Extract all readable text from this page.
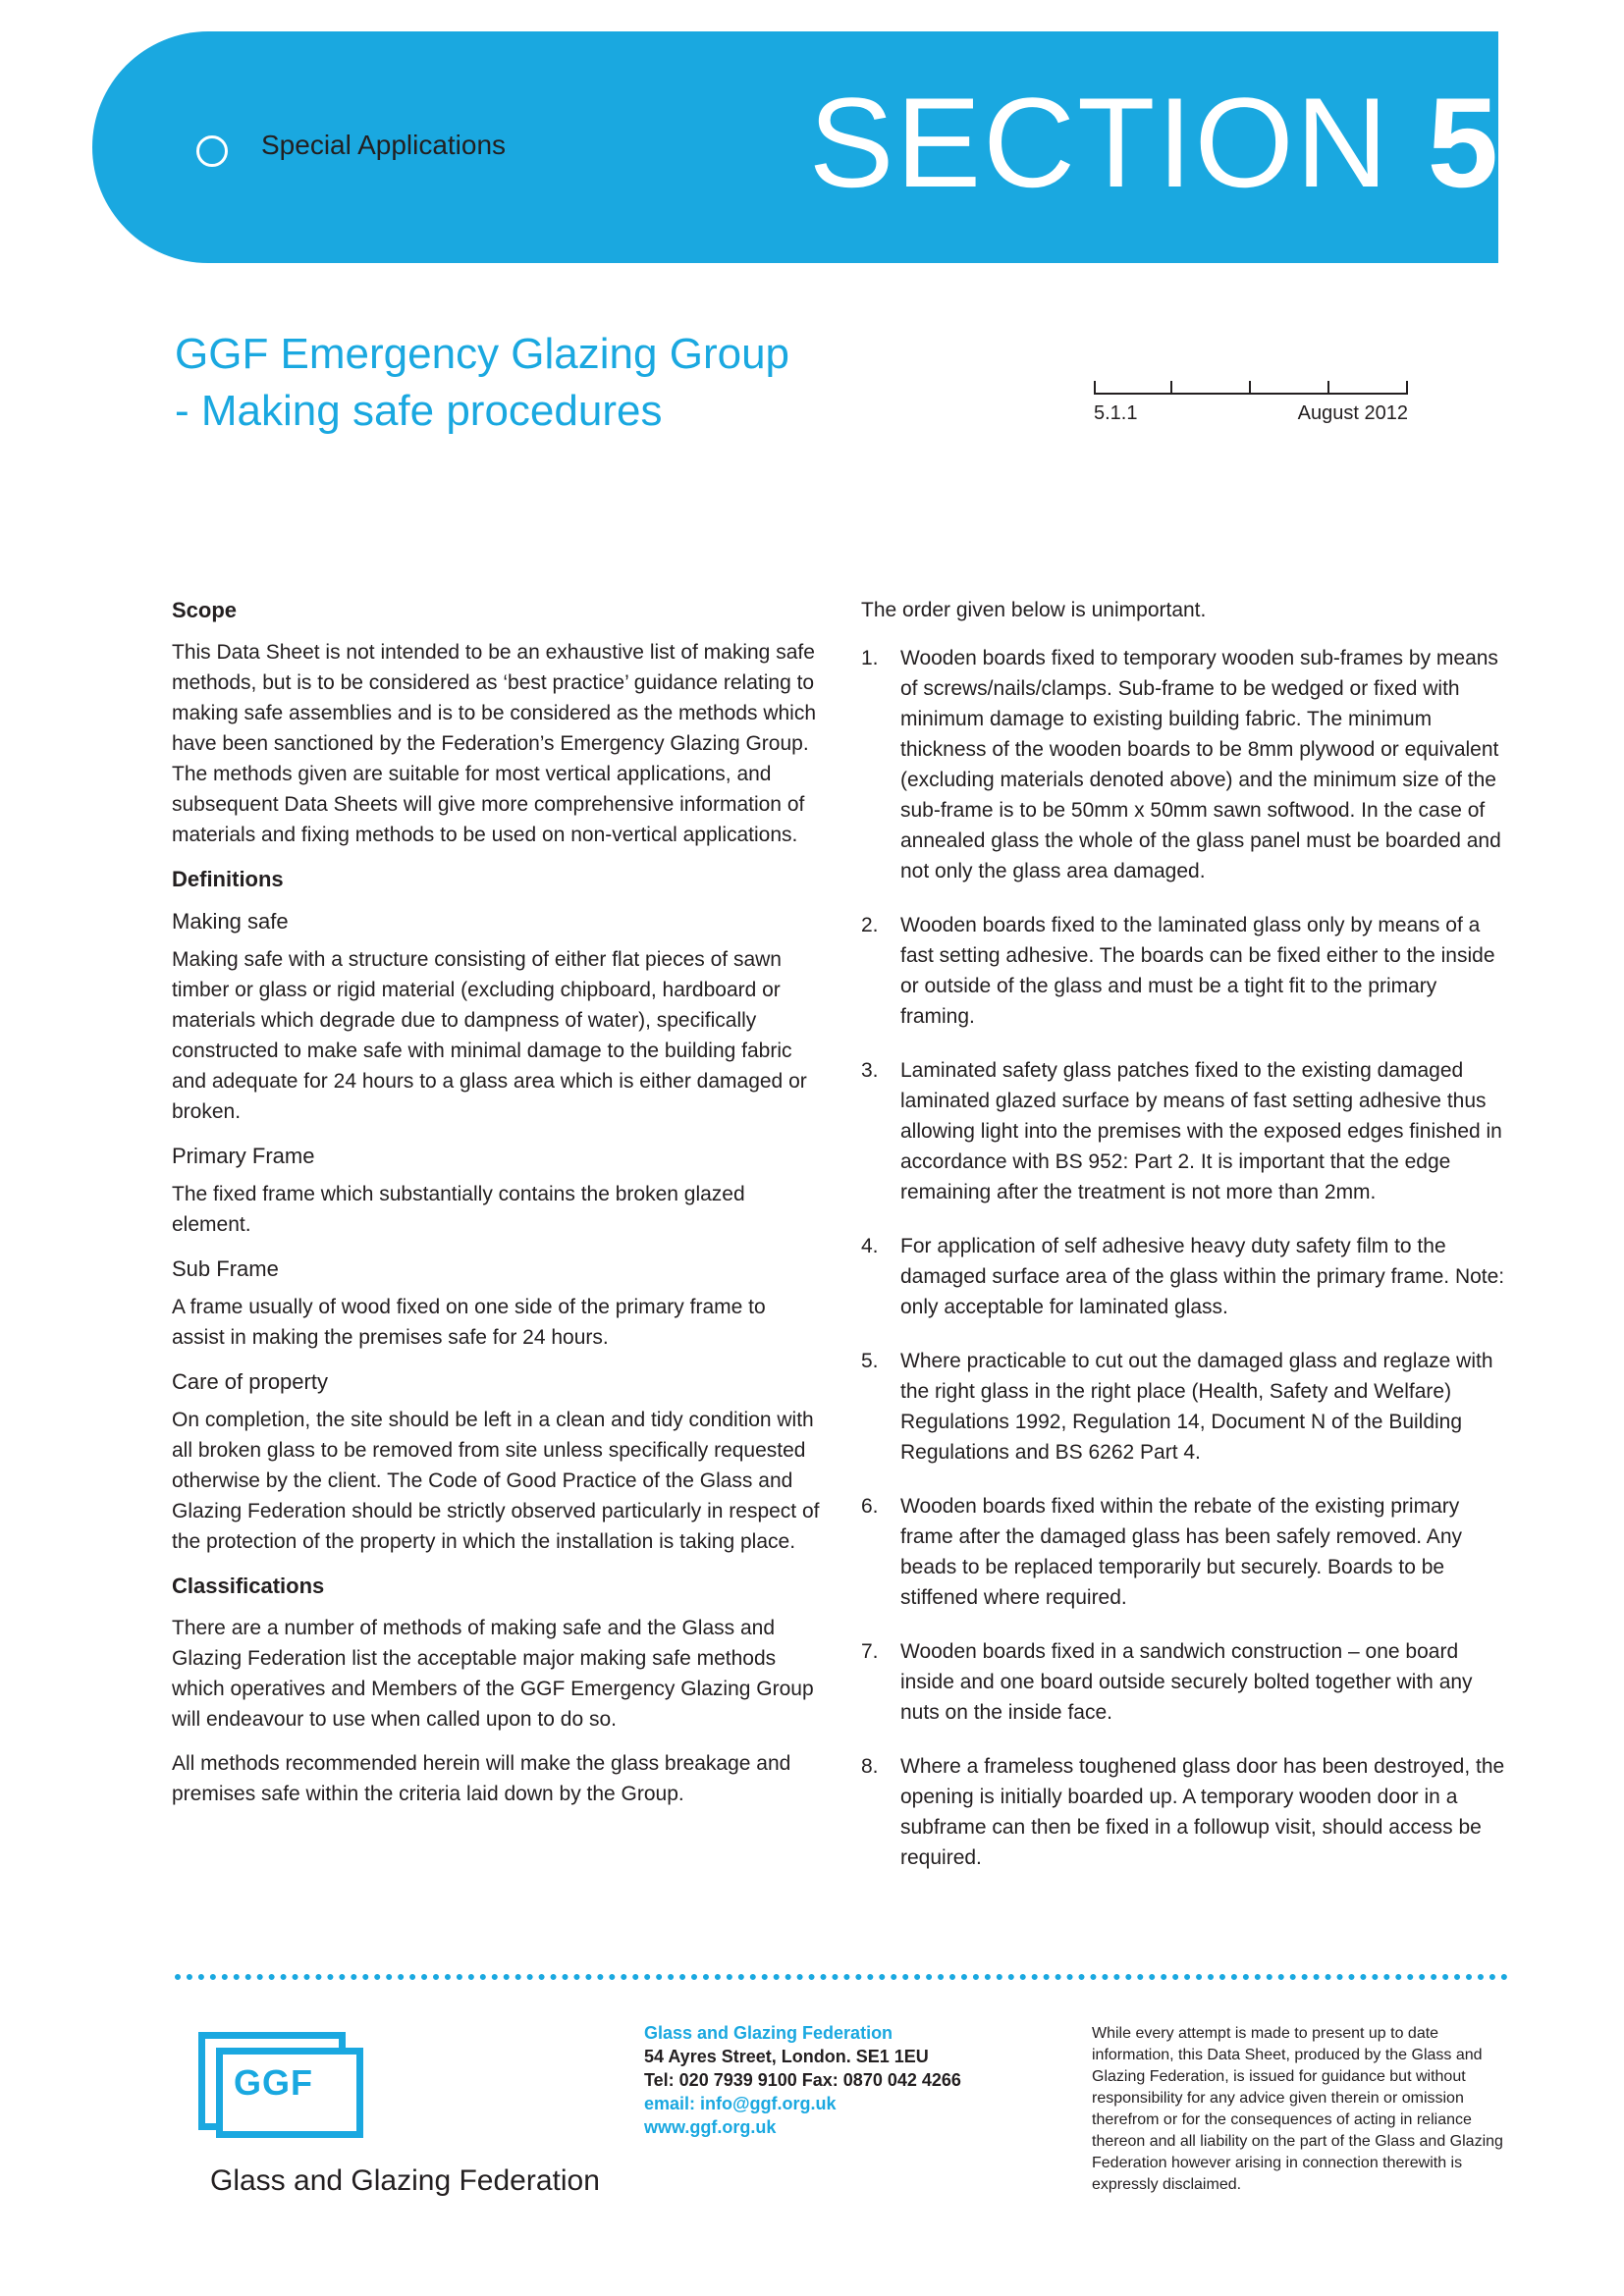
Special Applications SECTION 5
GGF Emergency Glazing Group
- Making safe procedures	5.1.1	August 2012
Scope

This Data Sheet is not intended to be an exhaustive list of making safe methods, but is to be considered as ‘best practice’ guidance relating to making safe assemblies and is to be considered as the methods which have been sanctioned by the Federation’s Emergency Glazing Group. The methods given are suitable for most vertical applications, and subsequent Data Sheets will give more comprehensive information of materials and fixing methods to be used on non-vertical applications.

Definitions
Making safe

Making safe with a structure consisting of either flat pieces of sawn timber or glass or rigid material (excluding chipboard, hardboard or materials which degrade due to dampness of water), specifically constructed to make safe with minimal damage to the building fabric and adequate for 24 hours to a glass area which is either damaged or broken.

Primary Frame

The fixed frame which substantially contains the broken glazed element.

Sub Frame

A frame usually of wood fixed on one side of the primary frame to assist in making the premises safe for 24 hours.

Care of property

On completion, the site should be left in a clean and tidy condition with all broken glass to be removed from site unless specifically requested otherwise by the client. The Code of Good Practice of the Glass and Glazing Federation should be strictly observed particularly in respect of the protection of the property in which the installation is taking place.

Classifications

There are a number of methods of making safe and the Glass and Glazing Federation list the acceptable major making safe methods which operatives and Members of the GGF Emergency Glazing Group will endeavour to use when called upon to do so.

All methods recommended herein will make the glass breakage and premises safe within the criteria laid down by the Group.

The order given below is unimportant.

1. Wooden boards fixed to temporary wooden sub-frames by means of screws/nails/clamps. Sub-frame to be wedged or fixed with minimum damage to existing building fabric. The minimum thickness of the wooden boards to be 8mm plywood or equivalent (excluding materials denoted above) and the minimum size of the sub-frame is to be 50mm x 50mm sawn softwood. In the case of annealed glass the whole of the glass panel must be boarded and not only the glass area damaged.
2. Wooden boards fixed to the laminated glass only by means of a fast setting adhesive. The boards can be fixed either to the inside or outside of the glass and must be a tight fit to the primary framing.
3. Laminated safety glass patches fixed to the existing damaged laminated glazed surface by means of fast setting adhesive thus allowing light into the premises with the exposed edges finished in accordance with BS 952: Part 2. It is important that the edge remaining after the treatment is not more than 2mm.
4. For application of self adhesive heavy duty safety film to the damaged surface area of the glass within the primary frame. Note: only acceptable for laminated glass.
5. Where practicable to cut out the damaged glass and reglaze with the right glass in the right place (Health, Safety and Welfare) Regulations 1992, Regulation 14, Document N of the Building Regulations and BS 6262 Part 4.
6. Wooden boards fixed within the rebate of the existing primary frame after the damaged glass has been safely removed. Any beads to be replaced temporarily but securely. Boards to be stiffened where required.
7. Wooden boards fixed in a sandwich construction – one board inside and one board outside securely bolted together with any nuts on the inside face.
8. Where a frameless toughened glass door has been destroyed, the opening is initially boarded up. A temporary wooden door in a subframe can then be fixed in a followup visit, should access be required.
GGF
Glass and Glazing Federation
Glass and Glazing Federation
54 Ayres Street, London. SE1 1EU
Tel: 020 7939 9100 Fax: 0870 042 4266
email: info@ggf.org.uk
www.ggf.org.uk
While every attempt is made to present up to date information, this Data Sheet, produced by the Glass and Glazing Federation, is issued for guidance but without responsibility for any advice given therein or omission therefrom or for the consequences of acting in reliance thereon and all liability on the part of the Glass and Glazing Federation however arising in connection therewith is expressly disclaimed.
